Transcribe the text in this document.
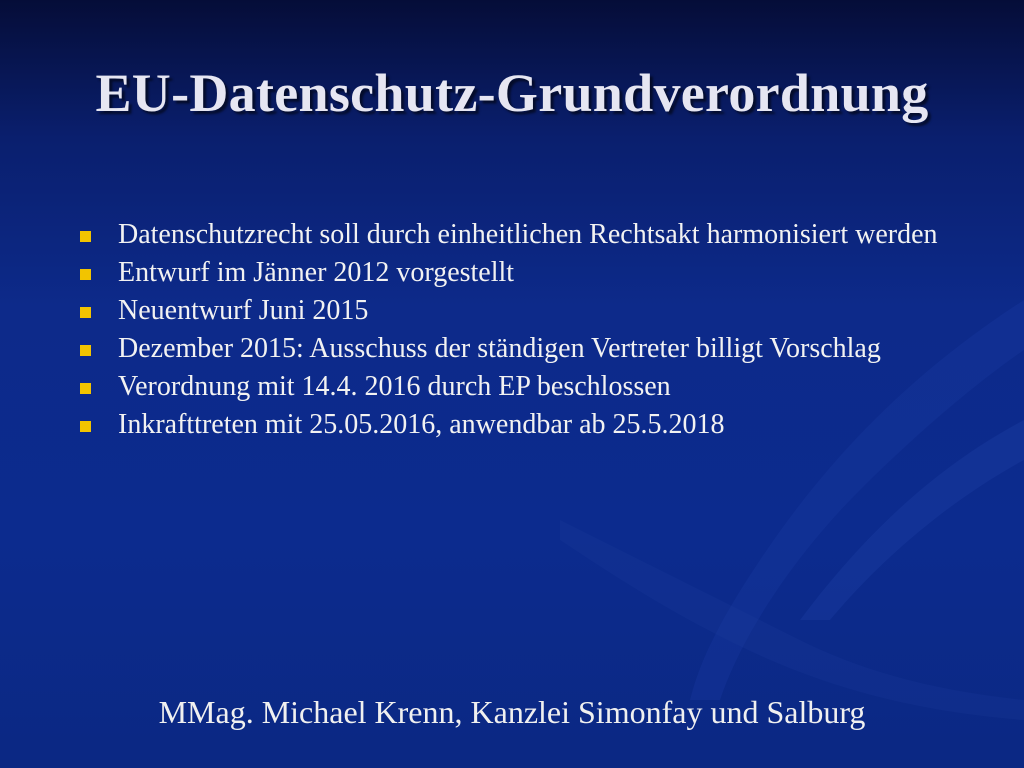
EU-Datenschutz-Grundverordnung
Datenschutzrecht soll durch einheitlichen Rechtsakt harmonisiert werden
Entwurf im Jänner 2012 vorgestellt
Neuentwurf Juni 2015
Dezember 2015: Ausschuss der ständigen Vertreter billigt Vorschlag
Verordnung mit 14.4. 2016 durch EP beschlossen
Inkrafttreten mit 25.05.2016, anwendbar ab 25.5.2018

MMag. Michael Krenn, Kanzlei Simonfay und Salburg
